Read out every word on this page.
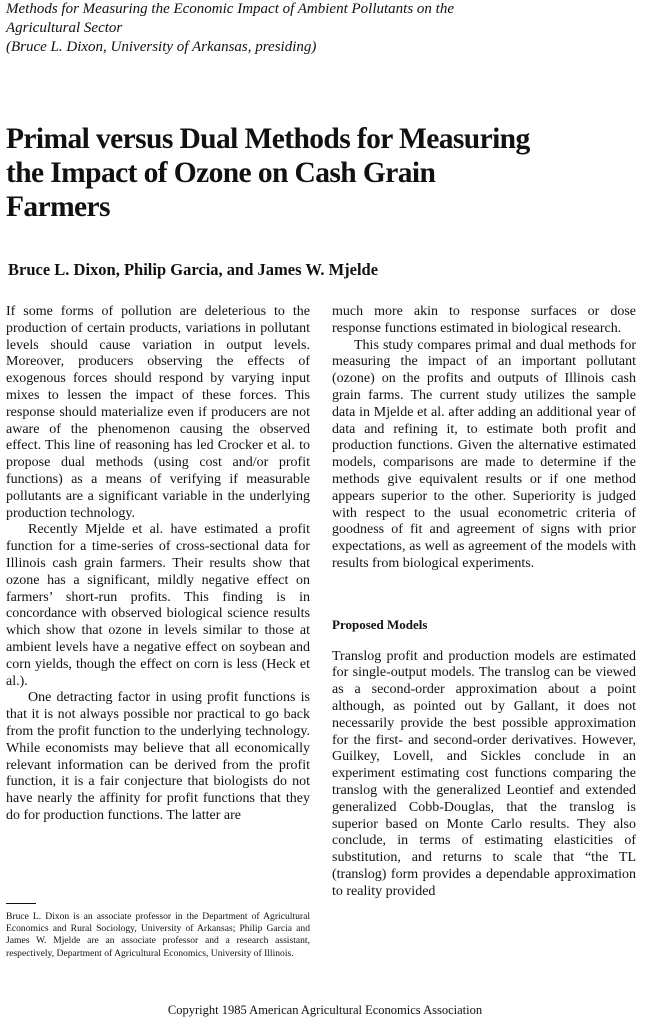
Methods for Measuring the Economic Impact of Ambient Pollutants on the
Agricultural Sector
(Bruce L. Dixon, University of Arkansas, presiding)
Primal versus Dual Methods for Measuring
the Impact of Ozone on Cash Grain
Farmers
Bruce L. Dixon, Philip Garcia, and James W. Mjelde

If some forms of pollution are deleterious to the production of certain products, variations in pollutant levels should cause variation in output levels. Moreover, producers observing the effects of exogenous forces should respond by varying input mixes to lessen the impact of these forces. This response should materialize even if producers are not aware of the phenomenon causing the observed effect. This line of reasoning has led Crocker et al. to propose dual methods (using cost and/or profit functions) as a means of verifying if measurable pollutants are a significant variable in the underlying production technology.

Recently Mjelde et al. have estimated a profit function for a time-series of cross-sectional data for Illinois cash grain farmers. Their results show that ozone has a significant, mildly negative effect on farmers’ short-run profits. This finding is in concordance with observed biological science results which show that ozone in levels similar to those at ambient levels have a negative effect on soybean and corn yields, though the effect on corn is less (Heck et al.).

One detracting factor in using profit functions is that it is not always possible nor practical to go back from the profit function to the underlying technology. While economists may believe that all economically relevant information can be derived from the profit function, it is a fair conjecture that biologists do not have nearly the affinity for profit functions that they do for production functions. The latter are

much more akin to response surfaces or dose response functions estimated in biological research.

This study compares primal and dual methods for measuring the impact of an important pollutant (ozone) on the profits and outputs of Illinois cash grain farms. The current study utilizes the sample data in Mjelde et al. after adding an additional year of data and refining it, to estimate both profit and production functions. Given the alternative estimated models, comparisons are made to determine if the methods give equivalent results or if one method appears superior to the other. Superiority is judged with respect to the usual econometric criteria of goodness of fit and agreement of signs with prior expectations, as well as agreement of the models with results from biological experiments.

Proposed Models

Translog profit and production models are estimated for single-output models. The translog can be viewed as a second-order approximation about a point although, as pointed out by Gallant, it does not necessarily provide the best possible approximation for the first- and second-order derivatives. However, Guilkey, Lovell, and Sickles conclude in an experiment estimating cost functions comparing the translog with the generalized Leontief and extended generalized Cobb-Douglas, that the translog is superior based on Monte Carlo results. They also conclude, in terms of estimating elasticities of substitution, and returns to scale that “the TL (translog) form provides a dependable approximation to reality provided

Bruce L. Dixon is an associate professor in the Department of Agricultural Economics and Rural Sociology, University of Arkansas; Philip Garcia and James W. Mjelde are an associate professor and a research assistant, respectively, Department of Agricultural Economics, University of Illinois.
Copyright 1985 American Agricultural Economics Association
